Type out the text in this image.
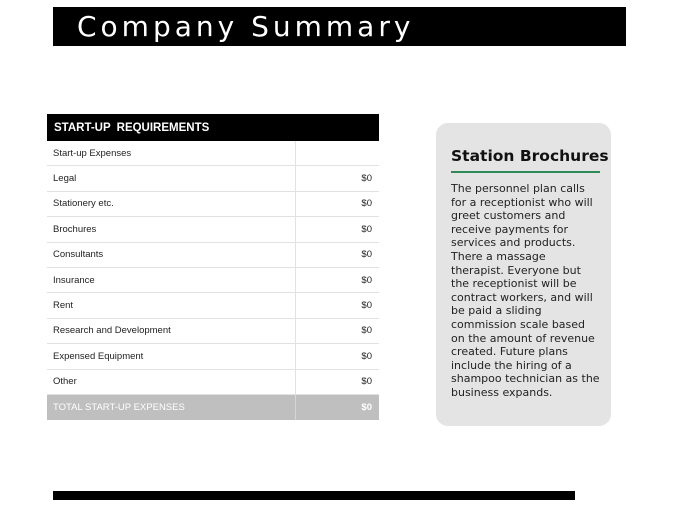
Company Summary
START-UP REQUIREMENTS
Start-up Expenses
Legal	$0
Stationery etc.	$0
Brochures	$0
Consultants	$0
Insurance	$0
Rent	$0
Research and Development	$0
Expensed Equipment	$0
Other	$0
TOTAL START-UP EXPENSES	$0
Station Brochures
The personnel plan calls for a receptionist who will greet customers and receive payments for services and products. There a massage therapist. Everyone but the receptionist will be contract workers, and will be paid a sliding commission scale based on the amount of revenue created. Future plans include the hiring of a shampoo technician as the business expands.
